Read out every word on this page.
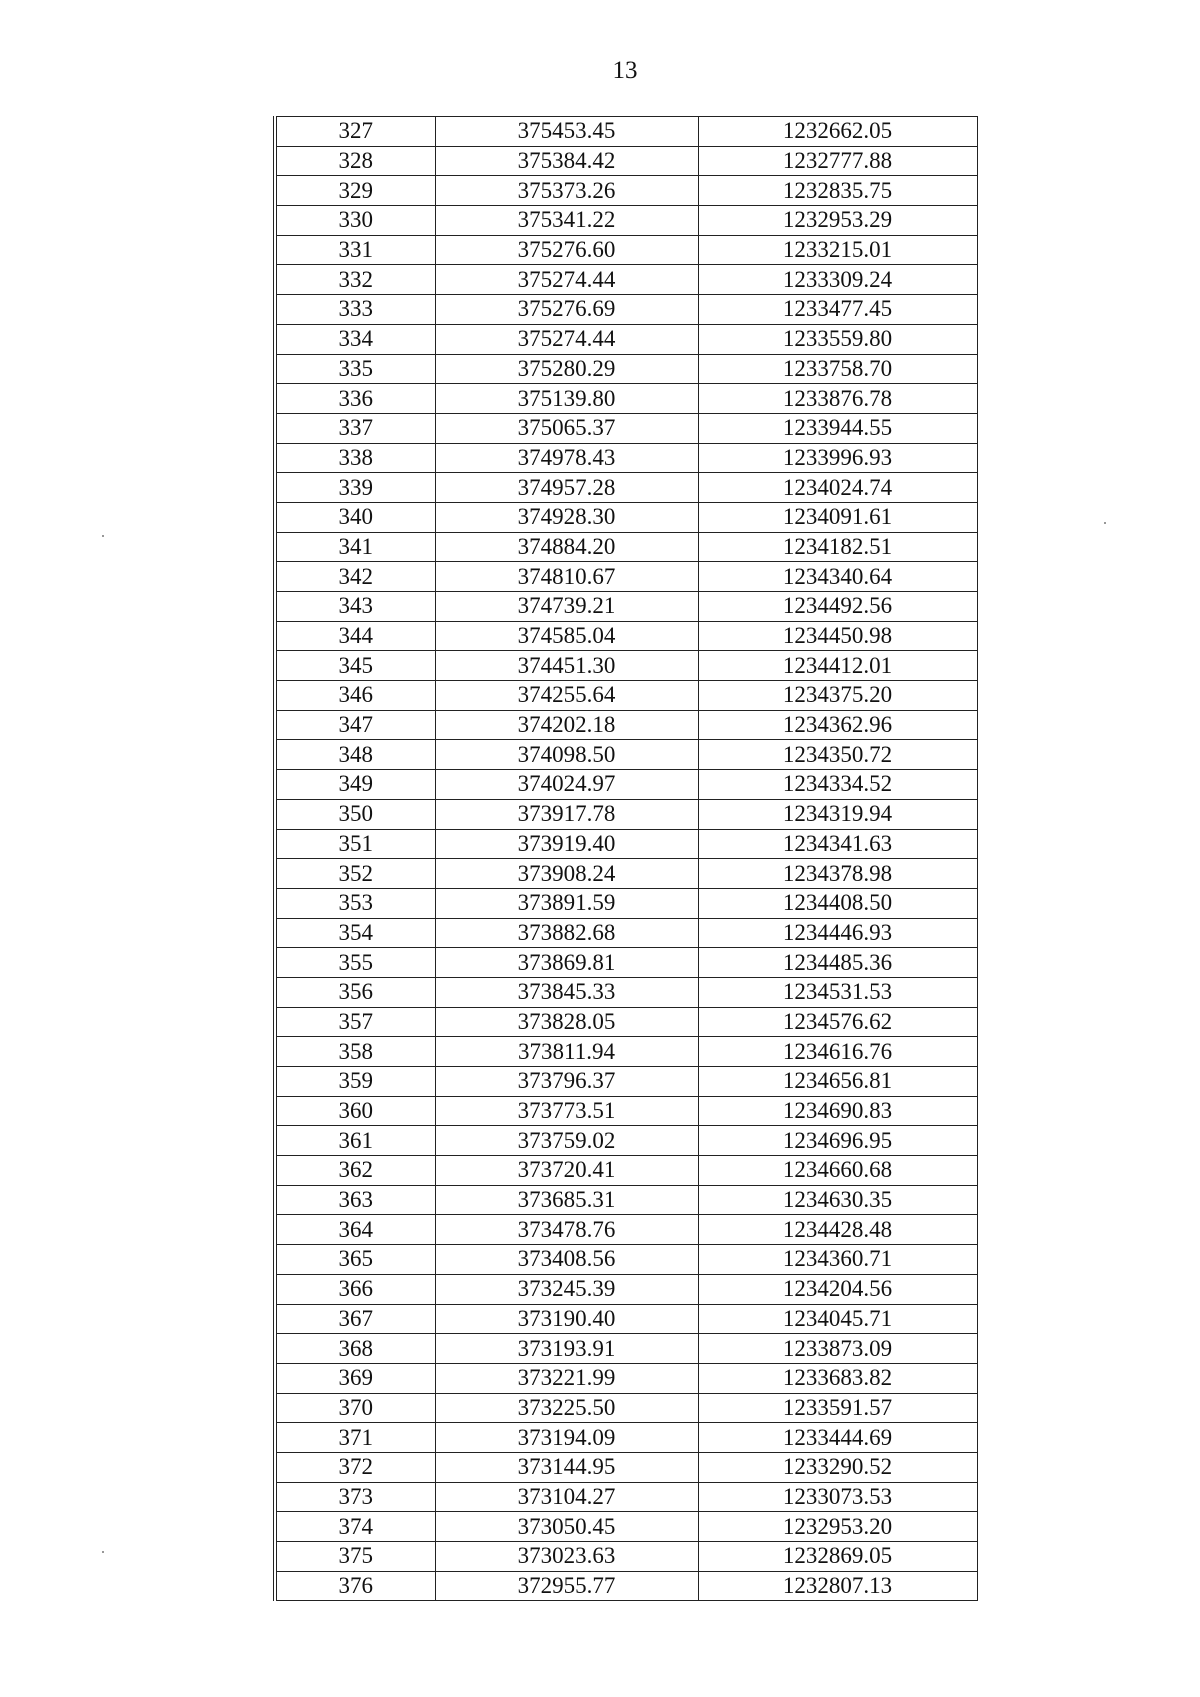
13
327	375453.45	1232662.05
328	375384.42	1232777.88
329	375373.26	1232835.75
330	375341.22	1232953.29
331	375276.60	1233215.01
332	375274.44	1233309.24
333	375276.69	1233477.45
334	375274.44	1233559.80
335	375280.29	1233758.70
336	375139.80	1233876.78
337	375065.37	1233944.55
338	374978.43	1233996.93
339	374957.28	1234024.74
340	374928.30	1234091.61
341	374884.20	1234182.51
342	374810.67	1234340.64
343	374739.21	1234492.56
344	374585.04	1234450.98
345	374451.30	1234412.01
346	374255.64	1234375.20
347	374202.18	1234362.96
348	374098.50	1234350.72
349	374024.97	1234334.52
350	373917.78	1234319.94
351	373919.40	1234341.63
352	373908.24	1234378.98
353	373891.59	1234408.50
354	373882.68	1234446.93
355	373869.81	1234485.36
356	373845.33	1234531.53
357	373828.05	1234576.62
358	373811.94	1234616.76
359	373796.37	1234656.81
360	373773.51	1234690.83
361	373759.02	1234696.95
362	373720.41	1234660.68
363	373685.31	1234630.35
364	373478.76	1234428.48
365	373408.56	1234360.71
366	373245.39	1234204.56
367	373190.40	1234045.71
368	373193.91	1233873.09
369	373221.99	1233683.82
370	373225.50	1233591.57
371	373194.09	1233444.69
372	373144.95	1233290.52
373	373104.27	1233073.53
374	373050.45	1232953.20
375	373023.63	1232869.05
376	372955.77	1232807.13
